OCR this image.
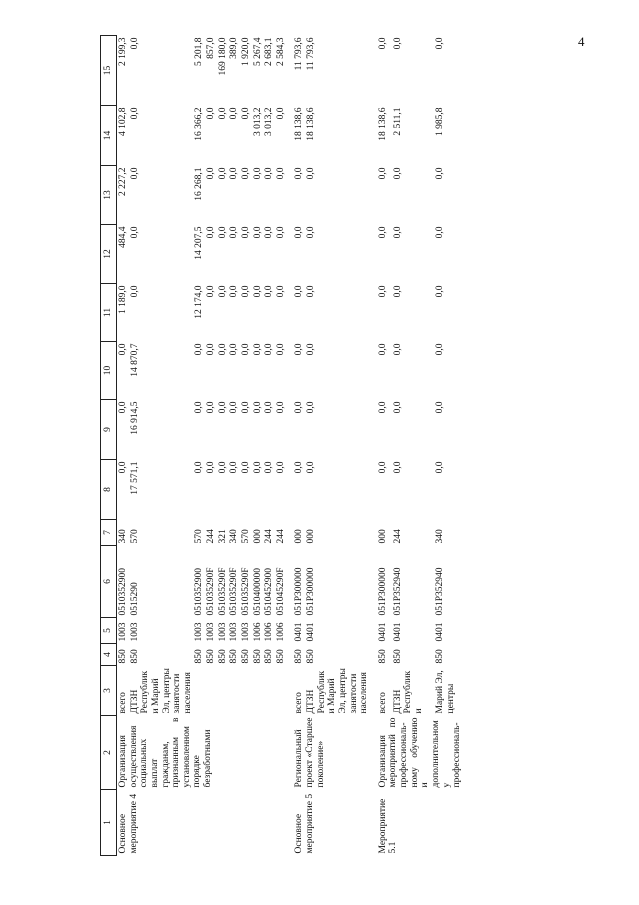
4
1	2	3	4	5	6	7	8	9	10	11	12	13	14	15
Основное мероприятие 4	Организация осуществления социальных выплат гражданам, признанным в установленном порядке безработными	всего	850	1003	0510352900	340	0,0	0,0	0,0	1 189,0	484,4	2 227,2	4 102,8	2 199,3
		ДТЗН Республики Марий Эл, центры занятости населения	850	1003	0515290	570	17 571,1	16 914,5	14 870,7	0,0	0,0	0,0	0,0	0,0
			850	1003	0510352900	570	0,0	0,0	0,0	12 174,0	14 207,5	16 268,1	16 366,2	5 201,8
			850	1003	051035290F	244	0,0	0,0	0,0	0,0	0,0	0,0	0,0	857,0
			850	1003	051035290F	321	0,0	0,0	0,0	0,0	0,0	0,0	0,0	169 180,0
			850	1003	051035290F	340	0,0	0,0	0,0	0,0	0,0	0,0	0,0	389,0
			850	1003	051035290F	570	0,0	0,0	0,0	0,0	0,0	0,0	0,0	1 920,0
			850	1006	0510400000	000	0,0	0,0	0,0	0,0	0,0	0,0	3 013,2	5 267,4
			850	1006	0510452900	244	0,0	0,0	0,0	0,0	0,0	0,0	3 013,2	2 683,1
			850	1006	051045290F	244	0,0	0,0	0,0	0,0	0,0	0,0	0,0	2 584,3

Основное мероприятие 5	Региональный проект «Старшее поколение»	всего	850	0401	051P300000	000	0,0	0,0	0,0	0,0	0,0	0,0	18 138,6	11 793,6
		ДТЗН Республики Марий Эл, центры занятости населения	850	0401	051P300000	000	0,0	0,0	0,0	0,0	0,0	0,0	18 138,6	11 793,6

Мероприятие 5.1	Организация мероприятий по профессиональ-ному обучению и дополнительному профессиональ-	всего	850	0401	051P300000	000	0,0	0,0	0,0	0,0	0,0	0,0	18 138,6	0,0
		ДТЗН Республики	850	0401	051P352940	244	0,0	0,0	0,0	0,0	0,0	0,0	2 511,1	0,0
		Марий Эл, центры	850	0401	051P352940	340	0,0	0,0	0,0	0,0	0,0	0,0	1 985,8	0,0
